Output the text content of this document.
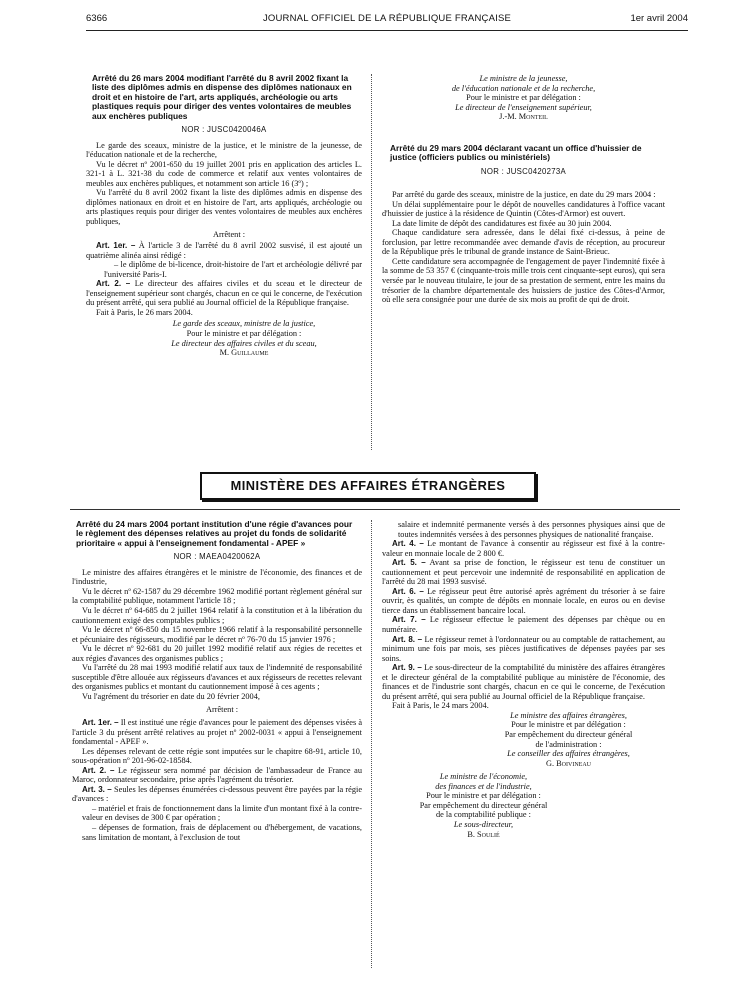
6366	JOURNAL OFFICIEL DE LA RÉPUBLIQUE FRANÇAISE	1er avril 2004
Arrêté du 26 mars 2004 modifiant l'arrêté du 8 avril 2002 fixant la liste des diplômes admis en dispense des diplômes nationaux en droit et en histoire de l'art, arts appliqués, archéologie ou arts plastiques requis pour diriger des ventes volontaires de meubles aux enchères publiques
NOR : JUSC0420046A

Le garde des sceaux, ministre de la justice, et le ministre de la jeunesse, de l'éducation nationale et de la recherche,

Vu le décret nº 2001-650 du 19 juillet 2001 pris en application des articles L. 321-1 à L. 321-38 du code de commerce et relatif aux ventes volontaires de meubles aux enchères publiques, et notamment son article 16 (3º) ;

Vu l'arrêté du 8 avril 2002 fixant la liste des diplômes admis en dispense des diplômes nationaux en droit et en histoire de l'art, arts appliqués, archéologie ou arts plastiques requis pour diriger des ventes volontaires de meubles aux enchères publiques,

Arrêtent :

Art. 1er. – À l'article 3 de l'arrêté du 8 avril 2002 susvisé, il est ajouté un quatrième alinéa ainsi rédigé :

– le diplôme de bi-licence, droit-histoire de l'art et archéologie délivré par l'université Paris-I.

Art. 2. – Le directeur des affaires civiles et du sceau et le directeur de l'enseignement supérieur sont chargés, chacun en ce qui le concerne, de l'exécution du présent arrêté, qui sera publié au Journal officiel de la République française.

Fait à Paris, le 26 mars 2004.

Le garde des sceaux, ministre de la justice,
Pour le ministre et par délégation :
Le directeur des affaires civiles et du sceau,
M. Guillaume
Le ministre de la jeunesse,
de l'éducation nationale et de la recherche,
Pour le ministre et par délégation :
Le directeur de l'enseignement supérieur,
J.-M. Monteil
Arrêté du 29 mars 2004 déclarant vacant un office d'huissier de justice (officiers publics ou ministériels)
NOR : JUSC0420273A

Par arrêté du garde des sceaux, ministre de la justice, en date du 29 mars 2004 :

Un délai supplémentaire pour le dépôt de nouvelles candidatures à l'office vacant d'huissier de justice à la résidence de Quintin (Côtes-d'Armor) est ouvert.

La date limite de dépôt des candidatures est fixée au 30 juin 2004.

Chaque candidature sera adressée, dans le délai fixé ci-dessus, à peine de forclusion, par lettre recommandée avec demande d'avis de réception, au procureur de la République près le tribunal de grande instance de Saint-Brieuc.

Cette candidature sera accompagnée de l'engagement de payer l'indemnité fixée à la somme de 53 357 € (cinquante-trois mille trois cent cinquante-sept euros), qui sera versée par le nouveau titulaire, le jour de sa prestation de serment, entre les mains du trésorier de la chambre départementale des huissiers de justice des Côtes-d'Armor, où elle sera consignée pour une durée de six mois au profit de qui de droit.

MINISTÈRE DES AFFAIRES ÉTRANGÈRES
Arrêté du 24 mars 2004 portant institution d'une régie d'avances pour le règlement des dépenses relatives au projet du fonds de solidarité prioritaire « appui à l'enseignement fondamental - APEF »
NOR : MAEA0420062A

Le ministre des affaires étrangères et le ministre de l'économie, des finances et de l'industrie,

Vu le décret nº 62-1587 du 29 décembre 1962 modifié portant règlement général sur la comptabilité publique, notamment l'article 18 ;

Vu le décret nº 64-685 du 2 juillet 1964 relatif à la constitution et à la libération du cautionnement exigé des comptables publics ;

Vu le décret nº 66-850 du 15 novembre 1966 relatif à la responsabilité personnelle et pécuniaire des régisseurs, modifié par le décret nº 76-70 du 15 janvier 1976 ;

Vu le décret nº 92-681 du 20 juillet 1992 modifié relatif aux régies de recettes et aux régies d'avances des organismes publics ;

Vu l'arrêté du 28 mai 1993 modifié relatif aux taux de l'indemnité de responsabilité susceptible d'être allouée aux régisseurs d'avances et aux régisseurs de recettes relevant des organismes publics et montant du cautionnement imposé à ces agents ;

Vu l'agrément du trésorier en date du 20 février 2004,

Arrêtent :

Art. 1er. – Il est institué une régie d'avances pour le paiement des dépenses visées à l'article 3 du présent arrêté relatives au projet nº 2002-0031 « appui à l'enseignement fondamental - APEF ».

Les dépenses relevant de cette régie sont imputées sur le chapitre 68-91, article 10, sous-opération nº 201-96-02-18584.

Art. 2. – Le régisseur sera nommé par décision de l'ambassadeur de France au Maroc, ordonnateur secondaire, prise après l'agrément du trésorier.

Art. 3. – Seules les dépenses énumérées ci-dessous peuvent être payées par la régie d'avances :

– matériel et frais de fonctionnement dans la limite d'un montant fixé à la contre-valeur en devises de 300 € par opération ;

– dépenses de formation, frais de déplacement ou d'hébergement, de vacations, sans limitation de montant, à l'exclusion de tout

salaire et indemnité permanente versés à des personnes physiques ainsi que de toutes indemnités versées à des personnes physiques de nationalité française.

Art. 4. – Le montant de l'avance à consentir au régisseur est fixé à la contre-valeur en monnaie locale de 2 800 €.

Art. 5. – Avant sa prise de fonction, le régisseur est tenu de constituer un cautionnement et peut percevoir une indemnité de responsabilité en application de l'arrêté du 28 mai 1993 susvisé.

Art. 6. – Le régisseur peut être autorisé après agrément du trésorier à se faire ouvrir, ès qualités, un compte de dépôts en monnaie locale, en euros ou en devise tierce dans un établissement bancaire local.

Art. 7. – Le régisseur effectue le paiement des dépenses par chèque ou en numéraire.

Art. 8. – Le régisseur remet à l'ordonnateur ou au comptable de rattachement, au minimum une fois par mois, ses pièces justificatives de dépenses payées par ses soins.

Art. 9. – Le sous-directeur de la comptabilité du ministère des affaires étrangères et le directeur général de la comptabilité publique au ministère de l'économie, des finances et de l'industrie sont chargés, chacun en ce qui le concerne, de l'exécution du présent arrêté, qui sera publié au Journal officiel de la République française.

Fait à Paris, le 24 mars 2004.

Le ministre des affaires étrangères,
Pour le ministre et par délégation :
Par empêchement du directeur général
de l'administration :
Le conseiller des affaires étrangères,
G. Boivineau
Le ministre de l'économie,
des finances et de l'industrie,
Pour le ministre et par délégation :
Par empêchement du directeur général
de la comptabilité publique :
Le sous-directeur,
B. Soulié
